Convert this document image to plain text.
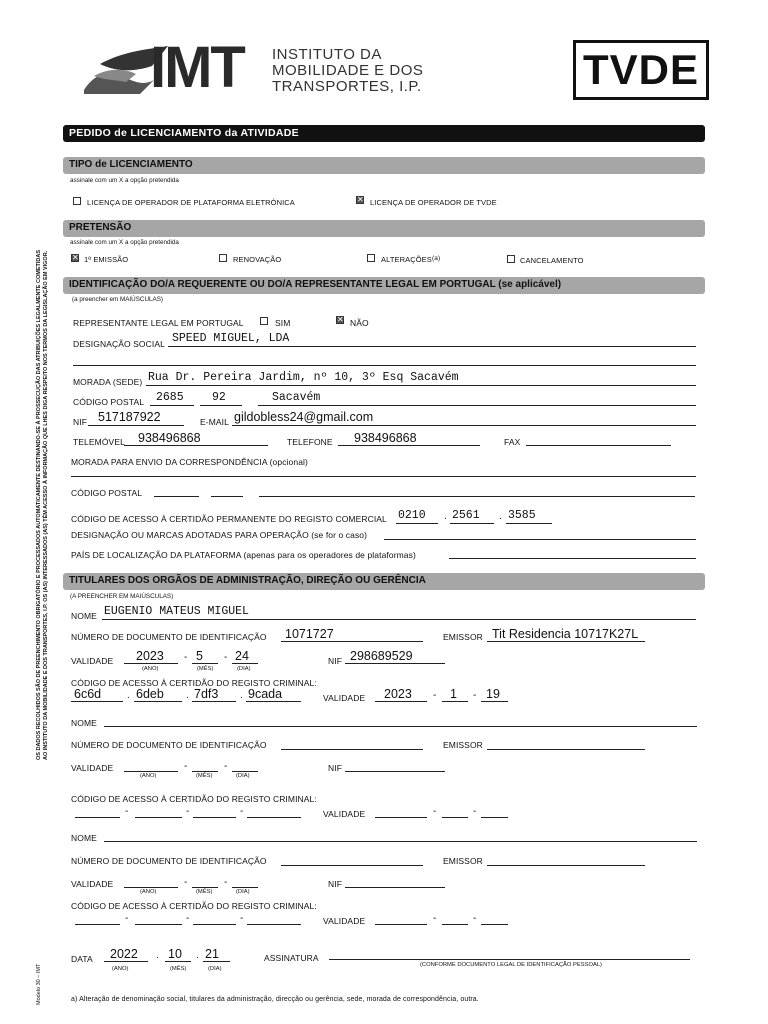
IMT INSTITUTO DA
MOBILIDADE E DOS
TRANSPORTES, I.P.	TVDE
OS DADOS RECOLHIDOS SÃO DE PREENCHIMENTO OBRIGATÓRIO E PROCESSADOS AUTOMATICAMENTE DESTINANDO-SE À PROSSECUÇÃO DAS ATRIBUIÇÕES LEGALMENTE COMETIDAS AO INSTITUTO DA MOBILIDADE E DOS TRANSPORTES, I.P. OS (AS) INTERESSADOS (AS) TÊM ACESSO À INFORMAÇÃO QUE LHES DIGA RESPEITO NOS TERMOS DA LEGISLAÇÃO EM VIGOR.
Modelo 30 – IMT
PEDIDO de LICENCIAMENTO da ATIVIDADE
TIPO de LICENCIAMENTO
assinale com um X a opção pretendida
LICENÇA DE OPERADOR DE PLATAFORMA ELETRÓNICA	✕ LICENÇA DE OPERADOR DE TVDE
PRETENSÃO
assinale com um X a opção pretendida
✕ 1ª EMISSÃO	RENOVAÇÃO	ALTERAÇÕES (a)	CANCELAMENTO
IDENTIFICAÇÃO DO/A REQUERENTE OU DO/A REPRESENTANTE LEGAL EM PORTUGAL (se aplicável)
(a preencher em MAIÚSCULAS)
REPRESENTANTE LEGAL EM PORTUGAL	SIM	✕ NÃO
DESIGNAÇÃO SOCIAL SPEED MIGUEL, LDA
MORADA (SEDE) Rua Dr. Pereira Jardim, nº 10, 3º Esq Sacavém
CÓDIGO POSTAL 2685 92	Sacavém
NIF 517187922	E-MAIL gildobless24@gmail.com
TELEMÓVEL 938496868	TELEFONE 938496868	FAX
MORADA PARA ENVIO DA CORRESPONDÊNCIA (opcional)
CÓDIGO POSTAL
CÓDIGO DE ACESSO À CERTIDÃO PERMANENTE DO REGISTO COMERCIAL 0210 . 2561 . 3585
DESIGNAÇÃO OU MARCAS ADOTADAS PARA OPERAÇÃO (se for o caso)
PAÍS DE LOCALIZAÇÃO DA PLATAFORMA (apenas para os operadores de plataformas)
TITULARES DOS ORGÃOS DE ADMINISTRAÇÃO, DIREÇÃO OU GERÊNCIA
(A PREENCHER EM MAIÚSCULAS)
NOME EUGENIO MATEUS MIGUEL
NÚMERO DE DOCUMENTO DE IDENTIFICAÇÃO 1071727	EMISSOR Tit Residencia 10717K27L
VALIDADE 2023
(ANO)
- 5
(MÊS)
- 24
(DIA)
NIF 298689529
CÓDIGO DE ACESSO À CERTIDÃO DO REGISTO CRIMINAL:
6c6d	. 6deb . 7df3 . 9cada	VALIDADE 2023 - 1 - 19
NOME
NÚMERO DE DOCUMENTO DE IDENTIFICAÇÃO	EMISSOR
VALIDADE
(ANO)
-
(MÊS)
-
(DIA)
NIF
CÓDIGO DE ACESSO À CERTIDÃO DO REGISTO CRIMINAL:
-	-	-	VALIDADE	-	-
NOME
NÚMERO DE DOCUMENTO DE IDENTIFICAÇÃO	EMISSOR
VALIDADE
(ANO)
-
(MÊS)
-
(DIA)
NIF
CÓDIGO DE ACESSO À CERTIDÃO DO REGISTO CRIMINAL:
-	-	-	VALIDADE	-	-
DATA 2022
(ANO)
. 10
(MÊS)
. 21
(DIA)
ASSINATURA
(CONFORME DOCUMENTO LEGAL DE IDENTIFICAÇÃO PESSOAL)
a) Alteração de denominação social, titulares da administração, direcção ou gerência, sede, morada de correspondência, outra.
